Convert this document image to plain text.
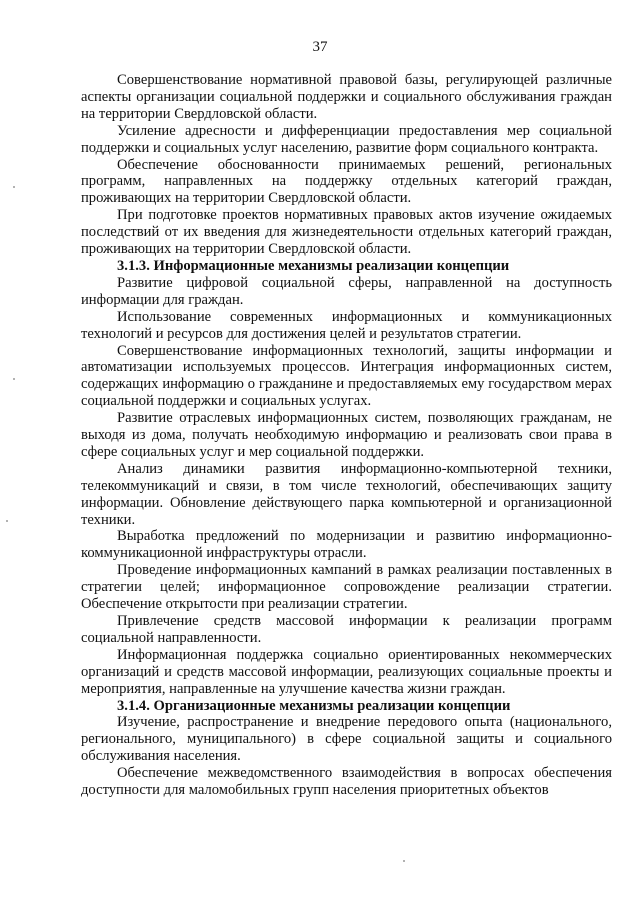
37

Совершенствование нормативной правовой базы, регулирующей различные аспекты организации социальной поддержки и социального обслуживания граждан на территории Свердловской области.

Усиление адресности и дифференциации предоставления мер социальной поддержки и социальных услуг населению, развитие форм социального контракта.

Обеспечение обоснованности принимаемых решений, региональных программ, направленных на поддержку отдельных категорий граждан, проживающих на территории Свердловской области.

При подготовке проектов нормативных правовых актов изучение ожидаемых последствий от их введения для жизнедеятельности отдельных категорий граждан, проживающих на территории Свердловской области.

3.1.3. Информационные механизмы реализации концепции

Развитие цифровой социальной сферы, направленной на доступность информации для граждан.

Использование современных информационных и коммуникационных технологий и ресурсов для достижения целей и результатов стратегии.

Совершенствование информационных технологий, защиты информации и автоматизации используемых процессов. Интеграция информационных систем, содержащих информацию о гражданине и предоставляемых ему государством мерах социальной поддержки и социальных услугах.

Развитие отраслевых информационных систем, позволяющих гражданам, не выходя из дома, получать необходимую информацию и реализовать свои права в сфере социальных услуг и мер социальной поддержки.

Анализ динамики развития информационно-компьютерной техники, телекоммуникаций и связи, в том числе технологий, обеспечивающих защиту информации. Обновление действующего парка компьютерной и организационной техники.

Выработка предложений по модернизации и развитию информационно-коммуникационной инфраструктуры отрасли.

Проведение информационных кампаний в рамках реализации поставленных в стратегии целей; информационное сопровождение реализации стратегии. Обеспечение открытости при реализации стратегии.

Привлечение средств массовой информации к реализации программ социальной направленности.

Информационная поддержка социально ориентированных некоммерческих организаций и средств массовой информации, реализующих социальные проекты и мероприятия, направленные на улучшение качества жизни граждан.

3.1.4. Организационные механизмы реализации концепции

Изучение, распространение и внедрение передового опыта (национального, регионального, муниципального) в сфере социальной защиты и социального обслуживания населения.

Обеспечение межведомственного взаимодействия в вопросах обеспечения доступности для маломобильных групп населения приоритетных объектов
